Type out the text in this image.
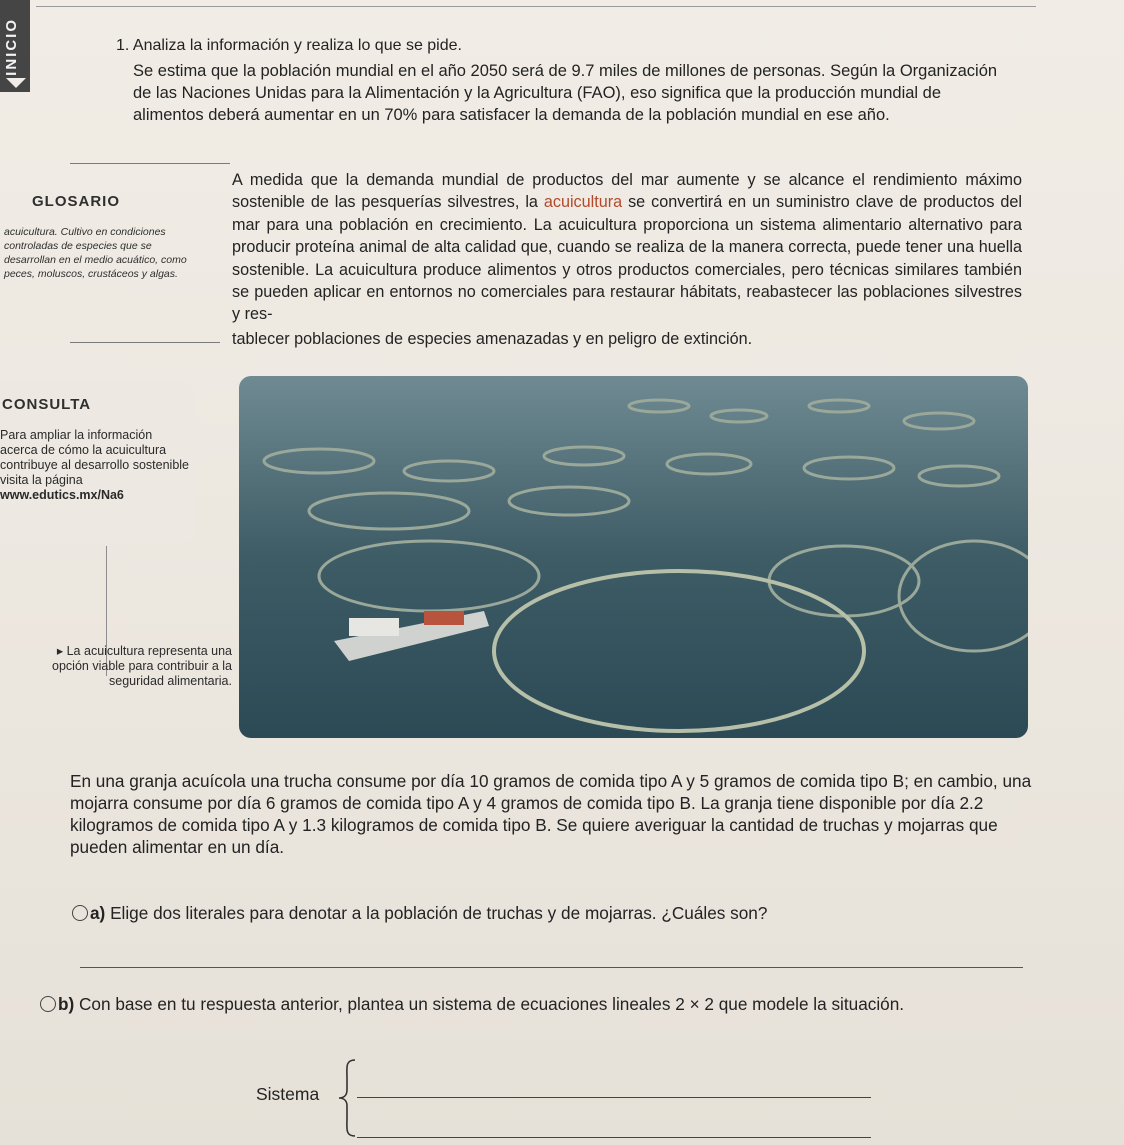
INICIO	1. Analiza la información y realiza lo que se pide.
Se estima que la población mundial en el año 2050 será de 9.7 miles de millones de personas. Según la Organización de las Naciones Unidas para la Alimentación y la Agricultura (FAO), eso significa que la producción mundial de alimentos deberá aumentar en un 70% para satisfacer la demanda de la población mundial en ese año.
GLOSARIO
acuicultura. Cultivo en condiciones controladas de especies que se desarrollan en el medio acuático, como peces, moluscos, crustáceos y algas.
A medida que la demanda mundial de productos del mar aumente y se alcance el rendimiento máximo sostenible de las pesquerías silvestres, la acuicultura se convertirá en un suministro clave de productos del mar para una población en crecimiento. La acuicultura proporciona un sistema alimentario alternativo para producir proteína animal de alta calidad que, cuando se realiza de la manera correcta, puede tener una huella sostenible. La acuicultura produce alimentos y otros productos comerciales, pero técnicas similares también se pueden aplicar en entornos no comerciales para restaurar hábitats, reabastecer las poblaciones silvestres y res-
tablecer poblaciones de especies amenazadas y en peligro de extinción.
CONSULTA
Para ampliar la información acerca de cómo la acuicultura contribuye al desarrollo sostenible visita la página
www.edutics.mx/Na6
▸ La acuicultura representa una opción viable para contribuir a la seguridad alimentaria.
En una granja acuícola una trucha consume por día 10 gramos de comida tipo A y 5 gramos de comida tipo B; en cambio, una mojarra consume por día 6 gramos de comida tipo A y 4 gramos de comida tipo B. La granja tiene disponible por día 2.2 kilogramos de comida tipo A y 1.3 kilogramos de comida tipo B. Se quiere averiguar la cantidad de truchas y mojarras que pueden alimentar en un día.
a) Elige dos literales para denotar a la población de truchas y de mojarras. ¿Cuáles son?
b) Con base en tu respuesta anterior, plantea un sistema de ecuaciones lineales 2 × 2 que modele la situación.
Sistema
